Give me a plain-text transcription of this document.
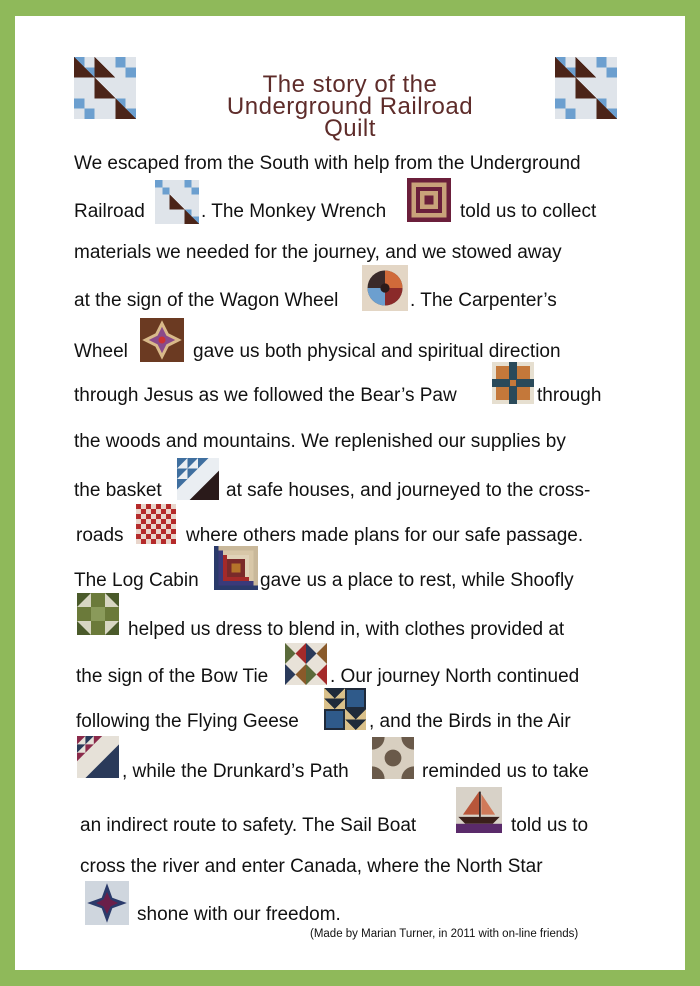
The story of the
Underground Railroad
Quilt
We escaped from the South with help from the Underground
Railroad	. The Monkey Wrench	told us to collect
materials we needed for the journey, and we stowed away
at the sign of the Wagon Wheel	. The Carpenter’s
Wheel	gave us both physical and spiritual direction
through Jesus as we followed the Bear’s Paw	through
the woods and mountains. We replenished our supplies by
the basket	at safe houses, and journeyed to the cross-
roads	where others made plans for our safe passage.
The Log Cabin	gave us a place to rest, while Shoofly
helped us dress to blend in, with clothes provided at
the sign of the Bow Tie	. Our journey North continued
following the Flying Geese	, and the Birds in the Air
, while the Drunkard’s Path	reminded us to take
an indirect route to safety. The Sail Boat	told us to
cross the river and enter Canada, where the North Star
shone with our freedom.
(Made by Marian Turner, in 2011 with on-line friends)
